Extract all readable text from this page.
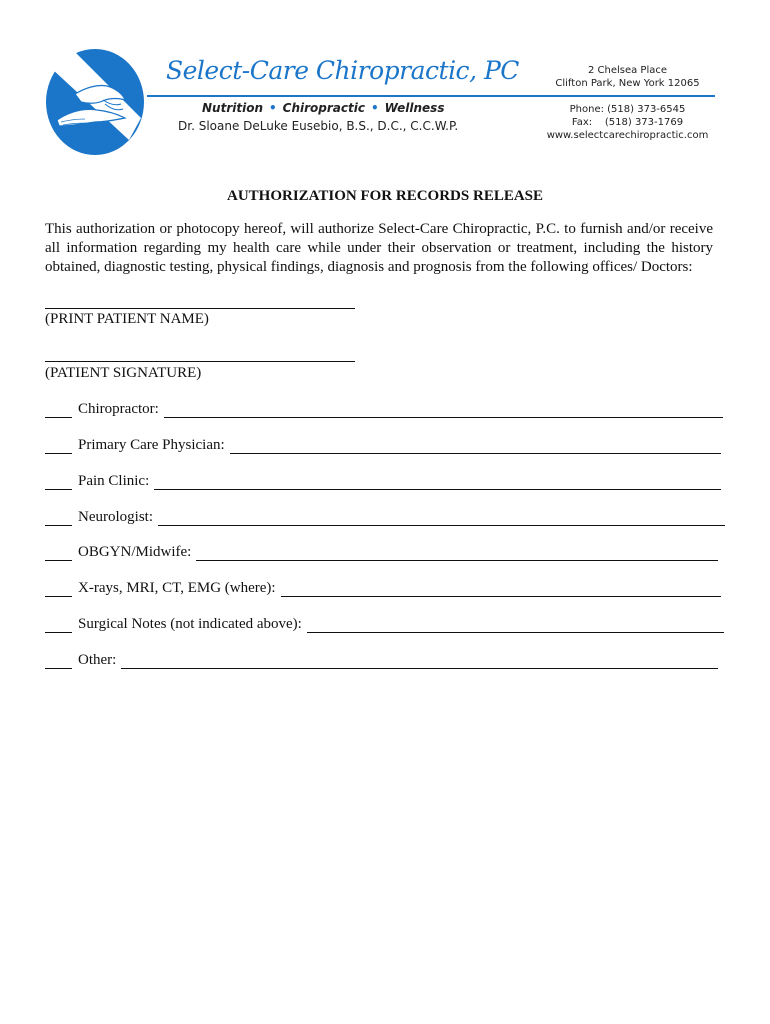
Select-Care Chiropractic, PC
Nutrition • Chiropractic • Wellness
Dr. Sloane DeLuke Eusebio, B.S., D.C., C.C.W.P.
2 Chelsea Place
Clifton Park, New York 12065
Phone: (518) 373-6545
Fax:    (518) 373-1769
www.selectcarechiropractic.com
AUTHORIZATION FOR RECORDS RELEASE

This authorization or photocopy hereof, will authorize Select-Care Chiropractic, P.C. to furnish and/or receive all information regarding my health care while under their observation or treatment, including the history obtained, diagnostic testing, physical findings, diagnosis and prognosis from the following offices/ Doctors:

(PRINT PATIENT NAME)
(PATIENT SIGNATURE)
Chiropractor:
Primary Care Physician:
Pain Clinic:
Neurologist:
OBGYN/Midwife:
X-rays, MRI, CT, EMG (where):
Surgical Notes (not indicated above):
Other:
